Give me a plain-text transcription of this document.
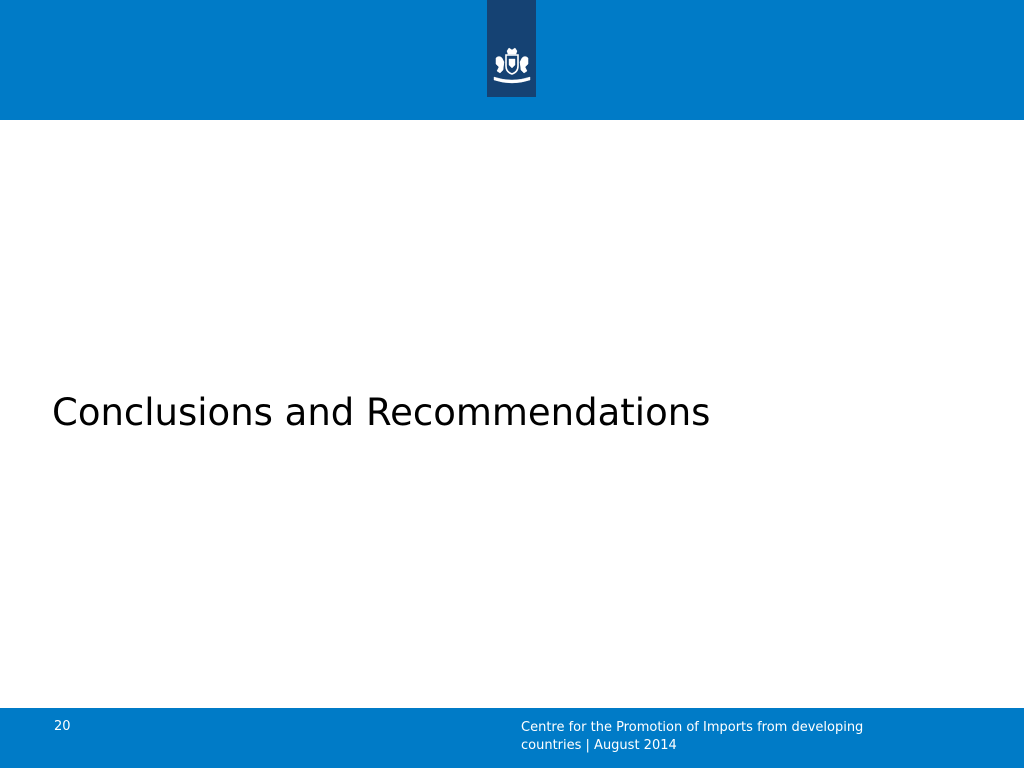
Conclusions and Recommendations
20	Centre for the Promotion of Imports from developing
countries | August 2014
